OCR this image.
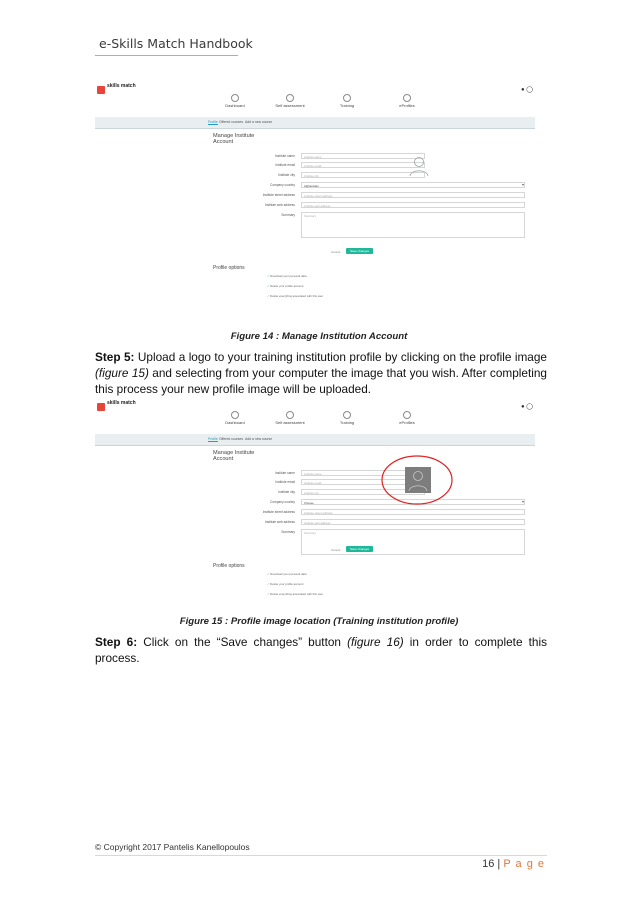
e-Skills Match Handbook
skills match
● ◯
Dashboard	Self assessment	Training	eProfiles
Profile Offered courses Add a new course
Manage Institute Account
Institute name	Institute name
Institute email	Institute email
Institute city	Institute city
Company country	Afghanistan	▾
Institute street address	Institute street address
Institute web address	Institute web address
Summary	Summary
Cancel	Save changes
Profile options
✓ Download your personal data
✓ Delete your profile account
✓ Delete everything associated with this user
Figure 14 : Manage Institution Account
Step 5: Upload a logo to your training institution profile by clicking on the profile image (figure 15) and selecting from your computer the image that you wish. After completing this process your new profile image will be uploaded.
skills match
● ◯
Dashboard	Self assessment	Training	eProfiles
Profile Offered courses Add a new course
Manage Institute Account
Institute name	Institute name
Institute email	Institute email
Institute city	Institute city
Company country	Choose	▾
Institute street address	Institute street address
Institute web address	Institute web address
Summary	Summary
Cancel	Save changes
Profile options
✓ Download your personal data
✓ Delete your profile account
✓ Delete everything associated with this user
Figure 15 : Profile image location (Training institution profile)
Step 6: Click on the “Save changes” button (figure 16) in order to complete this process.
© Copyright 2017 Pantelis Kanellopoulos
16 | P a g e
